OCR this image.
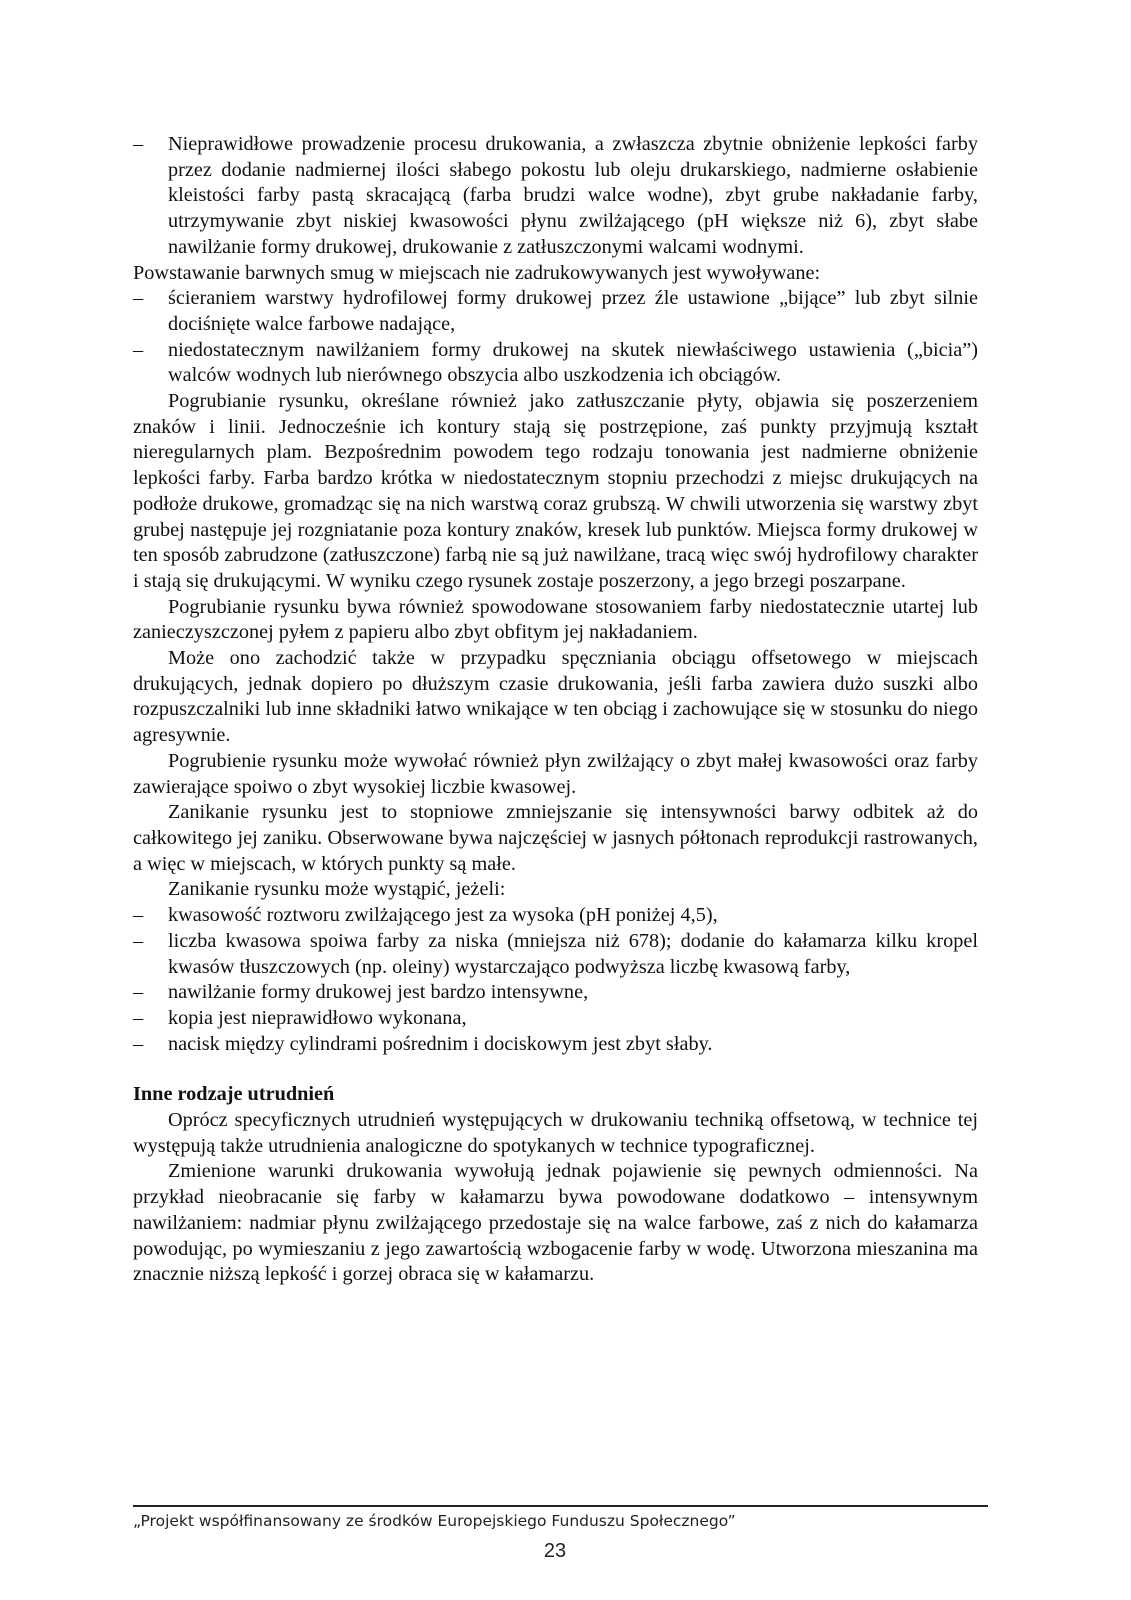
– Nieprawidłowe prowadzenie procesu drukowania, a zwłaszcza zbytnie obniżenie lepkości farby przez dodanie nadmiernej ilości słabego pokostu lub oleju drukarskiego, nadmierne osłabienie kleistości farby pastą skracającą (farba brudzi walce wodne), zbyt grube nakładanie farby, utrzymywanie zbyt niskiej kwasowości płynu zwilżającego (pH większe niż 6), zbyt słabe nawilżanie formy drukowej, drukowanie z zatłuszczonymi walcami wodnymi.

Powstawanie barwnych smug w miejscach nie zadrukowywanych jest wywoływane:

– ścieraniem warstwy hydrofilowej formy drukowej przez źle ustawione „bijące” lub zbyt silnie dociśnięte walce farbowe nadające,
– niedostatecznym nawilżaniem formy drukowej na skutek niewłaściwego ustawienia („bicia”) walców wodnych lub nierównego obszycia albo uszkodzenia ich obciągów.

Pogrubianie rysunku, określane również jako zatłuszczanie płyty, objawia się poszerzeniem znaków i linii. Jednocześnie ich kontury stają się postrzępione, zaś punkty przyjmują kształt nieregularnych plam. Bezpośrednim powodem tego rodzaju tonowania jest nadmierne obniżenie lepkości farby. Farba bardzo krótka w niedostatecznym stopniu przechodzi z miejsc drukujących na podłoże drukowe, gromadząc się na nich warstwą coraz grubszą. W chwili utworzenia się warstwy zbyt grubej następuje jej rozgniatanie poza kontury znaków, kresek lub punktów. Miejsca formy drukowej w ten sposób zabrudzone (zatłuszczone) farbą nie są już nawilżane, tracą więc swój hydrofilowy charakter i stają się drukującymi. W wyniku czego rysunek zostaje poszerzony, a jego brzegi poszarpane.

Pogrubianie rysunku bywa również spowodowane stosowaniem farby niedostatecznie utartej lub zanieczyszczonej pyłem z papieru albo zbyt obfitym jej nakładaniem.

Może ono zachodzić także w przypadku spęczniania obciągu offsetowego w miejscach drukujących, jednak dopiero po dłuższym czasie drukowania, jeśli farba zawiera dużo suszki albo rozpuszczalniki lub inne składniki łatwo wnikające w ten obciąg i zachowujące się w stosunku do niego agresywnie.

Pogrubienie rysunku może wywołać również płyn zwilżający o zbyt małej kwasowości oraz farby zawierające spoiwo o zbyt wysokiej liczbie kwasowej.

Zanikanie rysunku jest to stopniowe zmniejszanie się intensywności barwy odbitek aż do całkowitego jej zaniku. Obserwowane bywa najczęściej w jasnych półtonach reprodukcji rastrowanych, a więc w miejscach, w których punkty są małe.

Zanikanie rysunku może wystąpić, jeżeli:

– kwasowość roztworu zwilżającego jest za wysoka (pH poniżej 4,5),
– liczba kwasowa spoiwa farby za niska (mniejsza niż 678); dodanie do kałamarza kilku kropel kwasów tłuszczowych (np. oleiny) wystarczająco podwyższa liczbę kwasową farby,
– nawilżanie formy drukowej jest bardzo intensywne,
– kopia jest nieprawidłowo wykonana,
– nacisk między cylindrami pośrednim i dociskowym jest zbyt słaby.
Inne rodzaje utrudnień

Oprócz specyficznych utrudnień występujących w drukowaniu techniką offsetową, w technice tej występują także utrudnienia analogiczne do spotykanych w technice typograficznej.

Zmienione warunki drukowania wywołują jednak pojawienie się pewnych odmienności. Na przykład nieobracanie się farby w kałamarzu bywa powodowane dodatkowo – intensywnym nawilżaniem: nadmiar płynu zwilżającego przedostaje się na walce farbowe, zaś z nich do kałamarza powodując, po wymieszaniu z jego zawartością wzbogacenie farby w wodę. Utworzona mieszanina ma znacznie niższą lepkość i gorzej obraca się w kałamarzu.

„Projekt współfinansowany ze środków Europejskiego Funduszu Społecznego”
23
